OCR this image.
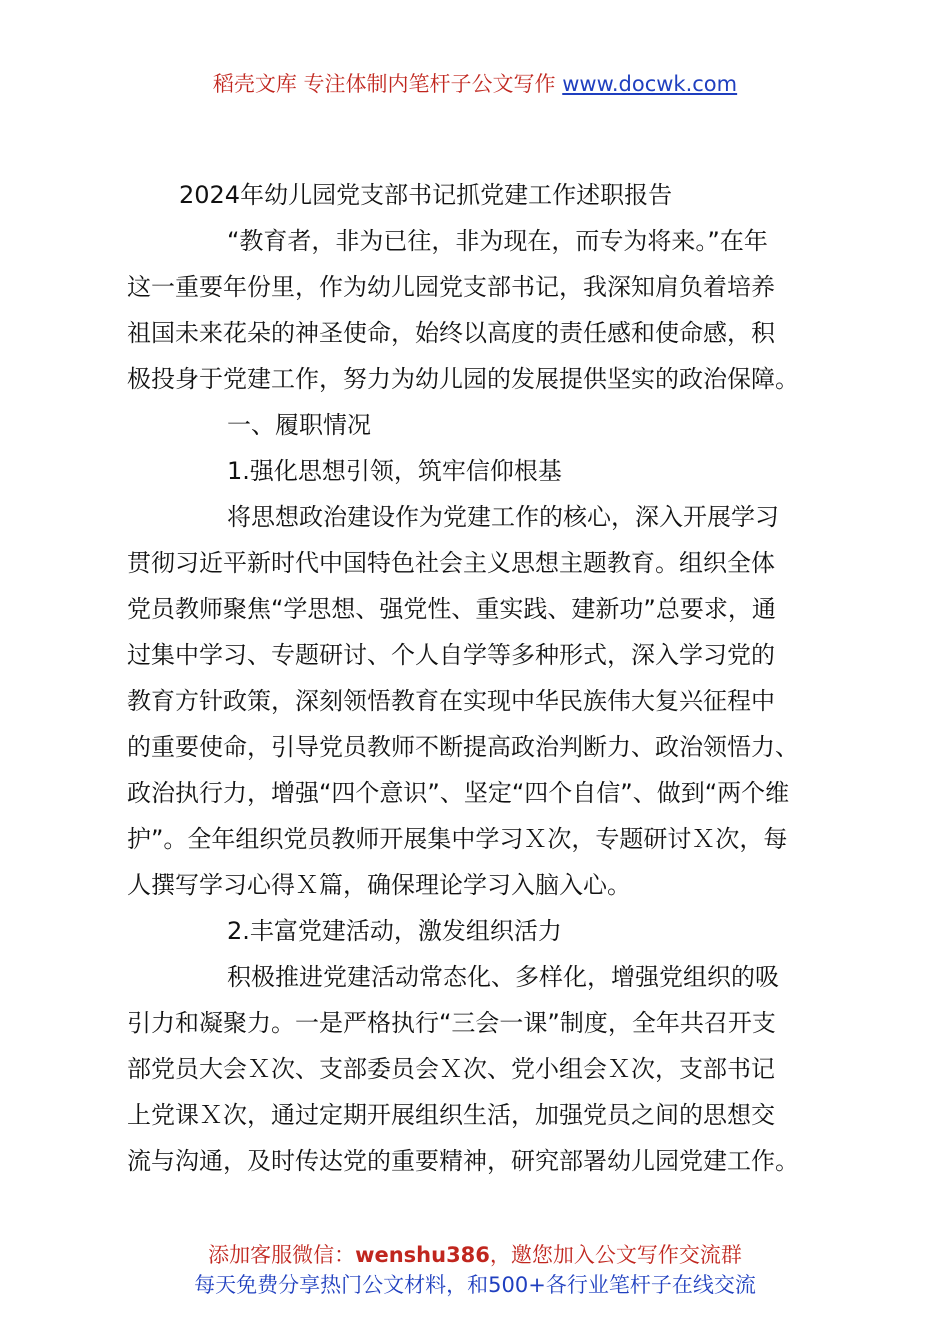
稻壳文库 专注体制内笔杆子公文写作 www.docwk.com
2024年幼儿园党支部书记抓党建工作述职报告

“教育者，非为已往，非为现在，而专为将来。”在年
这一重要年份里，作为幼儿园党支部书记，我深知肩负着培养
祖国未来花朵的神圣使命，始终以高度的责任感和使命感，积
极投身于党建工作，努力为幼儿园的发展提供坚实的政治保障。

一、履职情况
1.强化思想引领，筑牢信仰根基

将思想政治建设作为党建工作的核心，深入开展学习
贯彻习近平新时代中国特色社会主义思想主题教育。组织全体
党员教师聚焦“学思想、强党性、重实践、建新功”总要求，通
过集中学习、专题研讨、个人自学等多种形式，深入学习党的
教育方针政策，深刻领悟教育在实现中华民族伟大复兴征程中
的重要使命，引导党员教师不断提高政治判断力、政治领悟力、
政治执行力，增强“四个意识”、坚定“四个自信”、做到“两个维
护”。全年组织党员教师开展集中学习Ｘ次，专题研讨Ｘ次，每
人撰写学习心得Ｘ篇，确保理论学习入脑入心。

2.丰富党建活动，激发组织活力

积极推进党建活动常态化、多样化，增强党组织的吸
引力和凝聚力。一是严格执行“三会一课”制度，全年共召开支
部党员大会Ｘ次、支部委员会Ｘ次、党小组会Ｘ次，支部书记
上党课Ｘ次，通过定期开展组织生活，加强党员之间的思想交
流与沟通，及时传达党的重要精神，研究部署幼儿园党建工作。

添加客服微信：wenshu386，邀您加入公文写作交流群
每天免费分享热门公文材料，和500+各行业笔杆子在线交流
